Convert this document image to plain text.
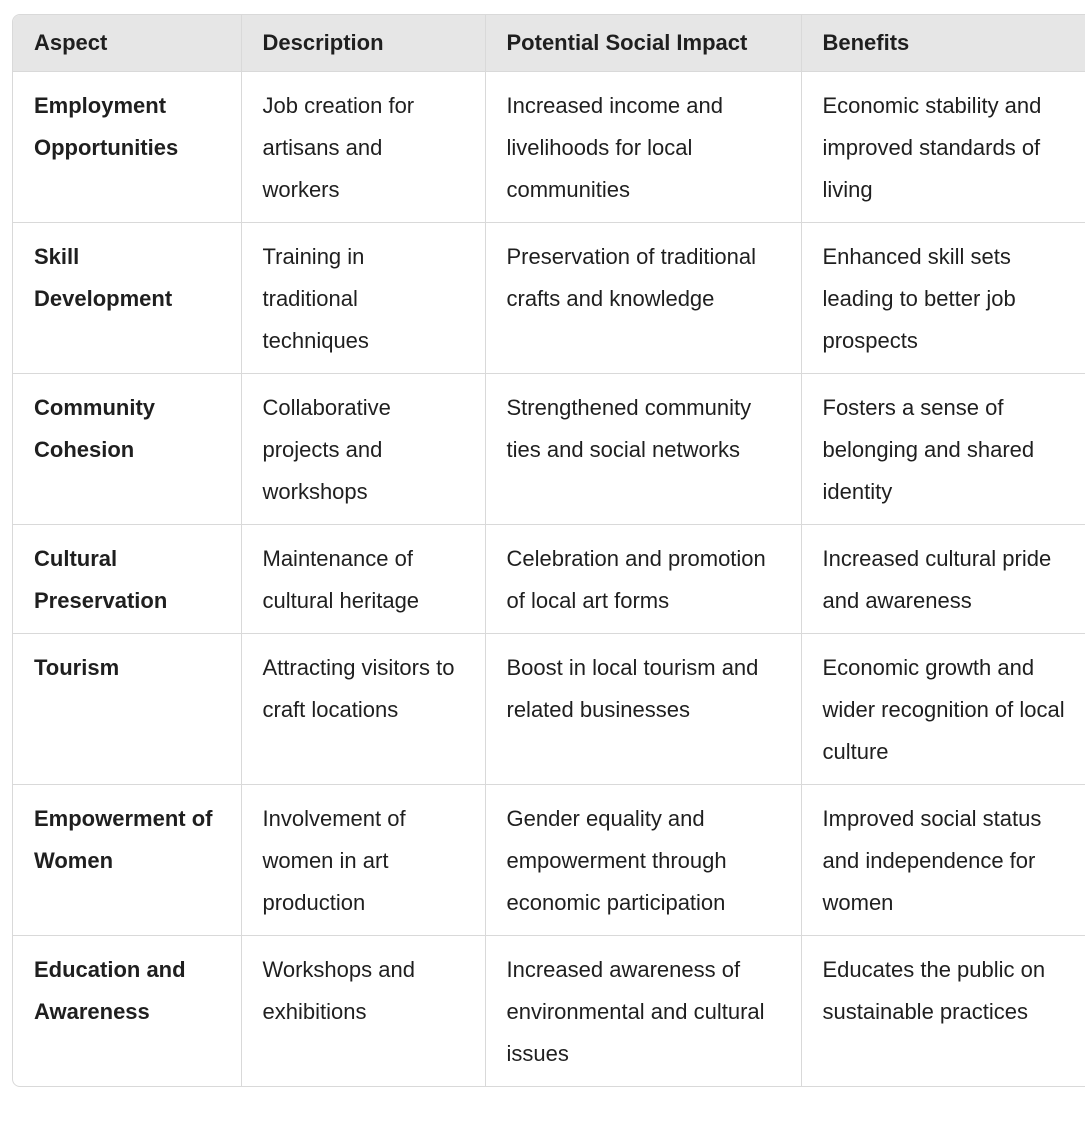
Aspect	Description	Potential Social Impact	Benefits
Employment Opportunities	Job creation for artisans and workers	Increased income and livelihoods for local communities	Economic stability and improved standards of living
Skill Development	Training in traditional techniques	Preservation of traditional crafts and knowledge	Enhanced skill sets leading to better job prospects
Community Cohesion	Collaborative projects and workshops	Strengthened community ties and social networks	Fosters a sense of belonging and shared identity
Cultural Preservation	Maintenance of cultural heritage	Celebration and promotion of local art forms	Increased cultural pride and awareness
Tourism	Attracting visitors to craft locations	Boost in local tourism and related businesses	Economic growth and wider recognition of local culture
Empowerment of Women	Involvement of women in art production	Gender equality and empowerment through economic participation	Improved social status and independence for women
Education and Awareness	Workshops and exhibitions	Increased awareness of environmental and cultural issues	Educates the public on sustainable practices
